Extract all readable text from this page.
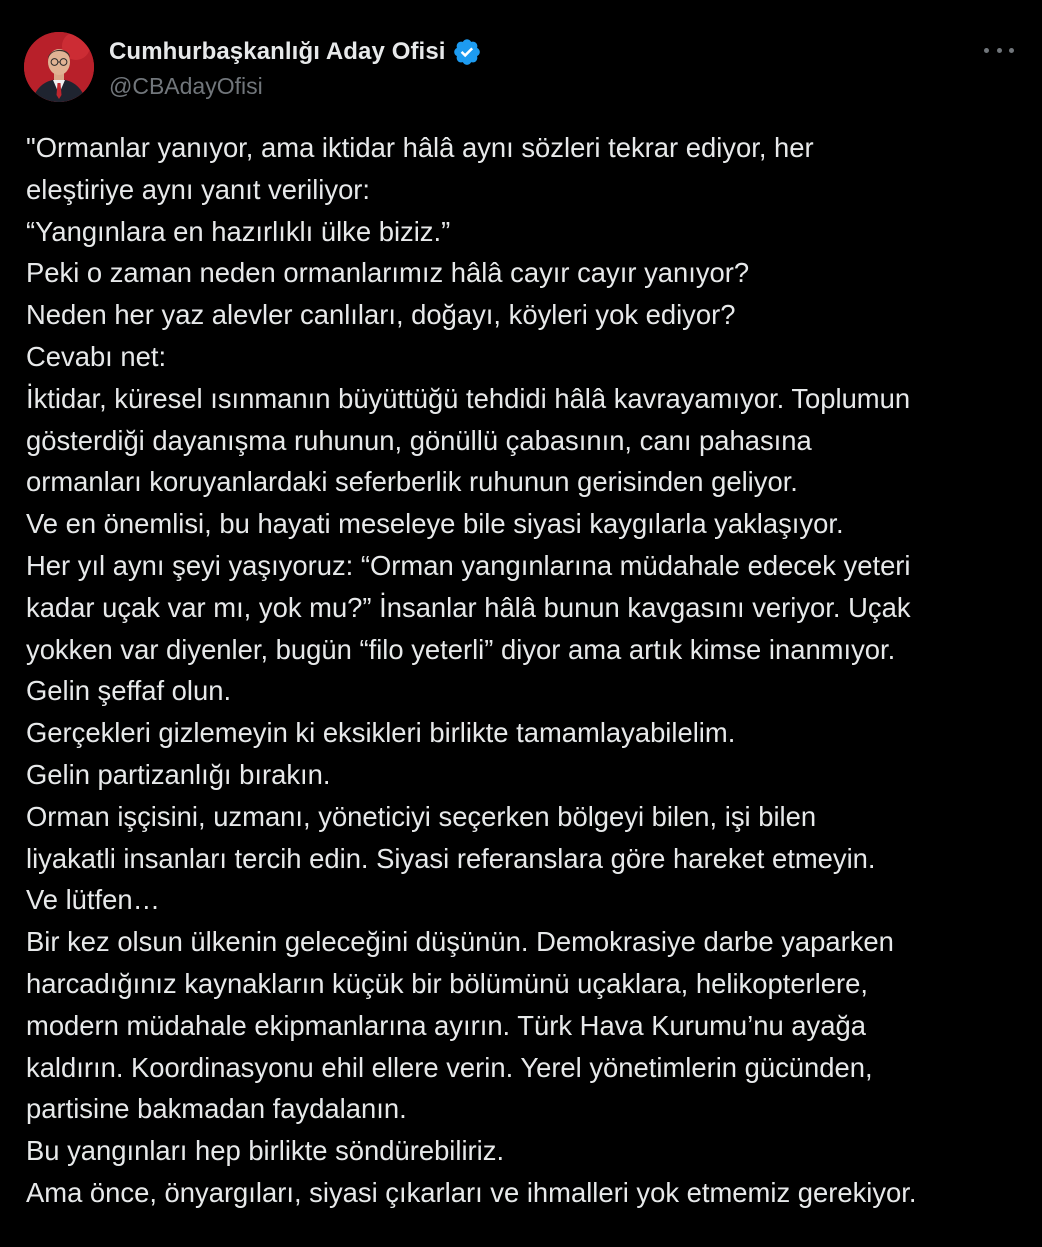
Cumhurbaşkanlığı Aday Ofisi
@CBAdayOfisi
"Ormanlar yanıyor, ama iktidar hâlâ aynı sözleri tekrar ediyor, her
eleştiriye aynı yanıt veriliyor:
“Yangınlara en hazırlıklı ülke biziz.”
Peki o zaman neden ormanlarımız hâlâ cayır cayır yanıyor?
Neden her yaz alevler canlıları, doğayı, köyleri yok ediyor?
Cevabı net:
İktidar, küresel ısınmanın büyüttüğü tehdidi hâlâ kavrayamıyor. Toplumun
gösterdiği dayanışma ruhunun, gönüllü çabasının, canı pahasına
ormanları koruyanlardaki seferberlik ruhunun gerisinden geliyor.
Ve en önemlisi, bu hayati meseleye bile siyasi kaygılarla yaklaşıyor.
Her yıl aynı şeyi yaşıyoruz: “Orman yangınlarına müdahale edecek yeteri
kadar uçak var mı, yok mu?” İnsanlar hâlâ bunun kavgasını veriyor. Uçak
yokken var diyenler, bugün “filo yeterli” diyor ama artık kimse inanmıyor.
Gelin şeffaf olun.
Gerçekleri gizlemeyin ki eksikleri birlikte tamamlayabilelim.
Gelin partizanlığı bırakın.
Orman işçisini, uzmanı, yöneticiyi seçerken bölgeyi bilen, işi bilen
liyakatli insanları tercih edin. Siyasi referanslara göre hareket etmeyin.
Ve lütfen…
Bir kez olsun ülkenin geleceğini düşünün. Demokrasiye darbe yaparken
harcadığınız kaynakların küçük bir bölümünü uçaklara, helikopterlere,
modern müdahale ekipmanlarına ayırın. Türk Hava Kurumu’nu ayağa
kaldırın. Koordinasyonu ehil ellere verin. Yerel yönetimlerin gücünden,
partisine bakmadan faydalanın.
Bu yangınları hep birlikte söndürebiliriz.
Ama önce, önyargıları, siyasi çıkarları ve ihmalleri yok etmemiz gerekiyor.
